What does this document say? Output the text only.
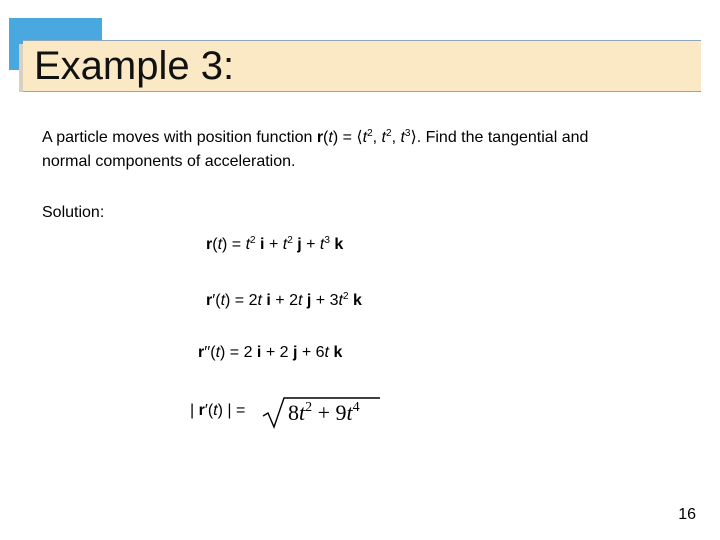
Example 3:
A particle moves with position function $r(t) = ⟨t^2$, $t^2$, $t^3⟩$. Find the tangential and
normal components of acceleration.
Solution:
$r(t) = t^2$ $i + t^2$ $j + t^3$ k
r′(t) = 2t i + 2t $j + 3t^2$ k
r′′(t) = 2 i + 2 j + 6t k
| r′(t) | = $8t^2 + 9t^4$
16
